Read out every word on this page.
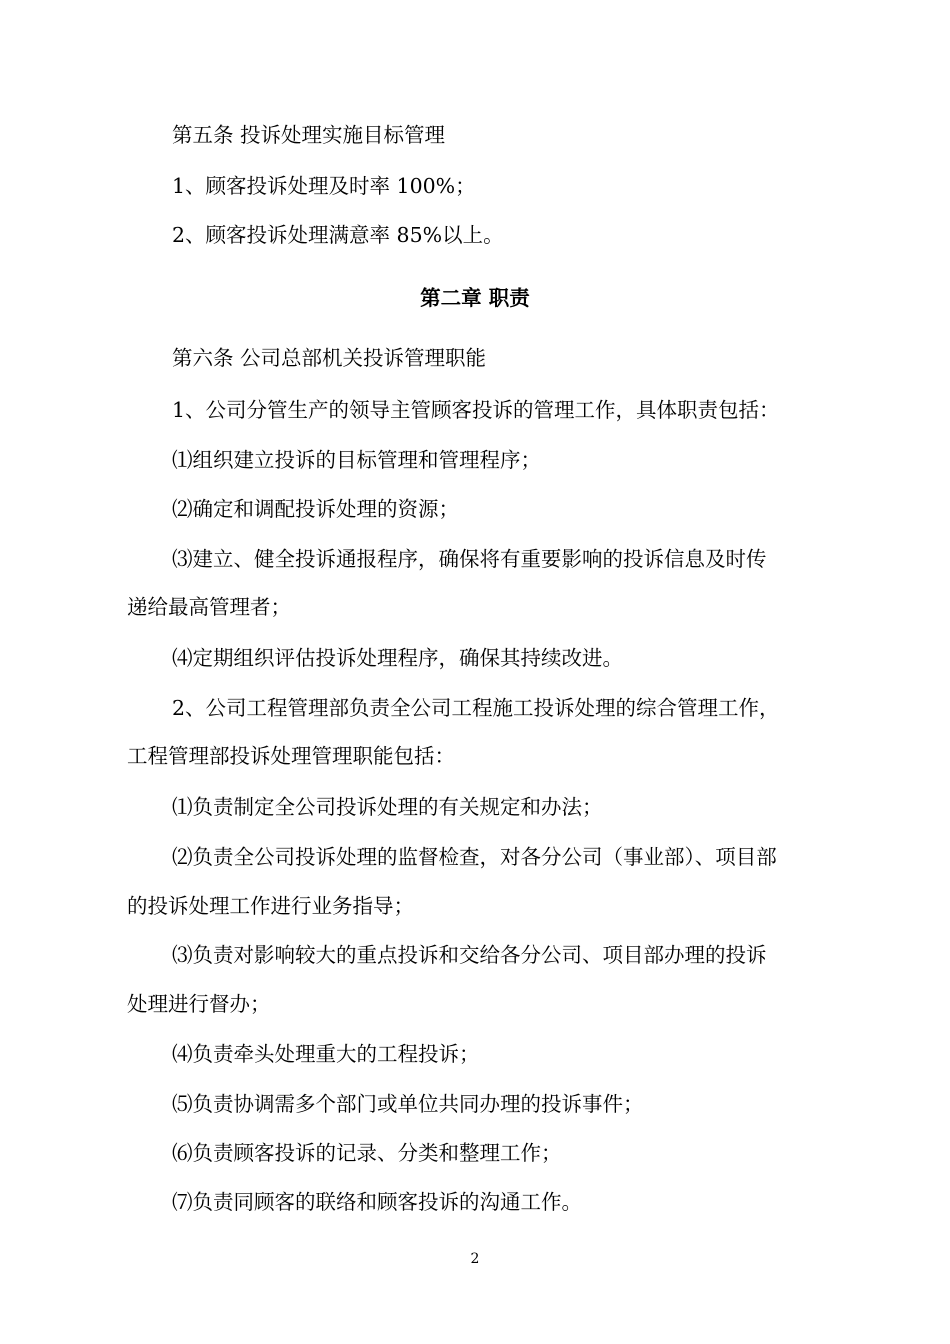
第五条 投诉处理实施目标管理
1、顾客投诉处理及时率 100%；
2、顾客投诉处理满意率 85%以上。
第二章 职责
第六条 公司总部机关投诉管理职能
1、公司分管生产的领导主管顾客投诉的管理工作，具体职责包括：
⑴组织建立投诉的目标管理和管理程序；
⑵确定和调配投诉处理的资源；
⑶建立、健全投诉通报程序，确保将有重要影响的投诉信息及时传
递给最高管理者；
⑷定期组织评估投诉处理程序，确保其持续改进。
2、公司工程管理部负责全公司工程施工投诉处理的综合管理工作，
工程管理部投诉处理管理职能包括：
⑴负责制定全公司投诉处理的有关规定和办法；
⑵负责全公司投诉处理的监督检查，对各分公司（事业部）、项目部
的投诉处理工作进行业务指导；
⑶负责对影响较大的重点投诉和交给各分公司、项目部办理的投诉
处理进行督办；
⑷负责牵头处理重大的工程投诉；
⑸负责协调需多个部门或单位共同办理的投诉事件；
⑹负责顾客投诉的记录、分类和整理工作；
⑺负责同顾客的联络和顾客投诉的沟通工作。
2
